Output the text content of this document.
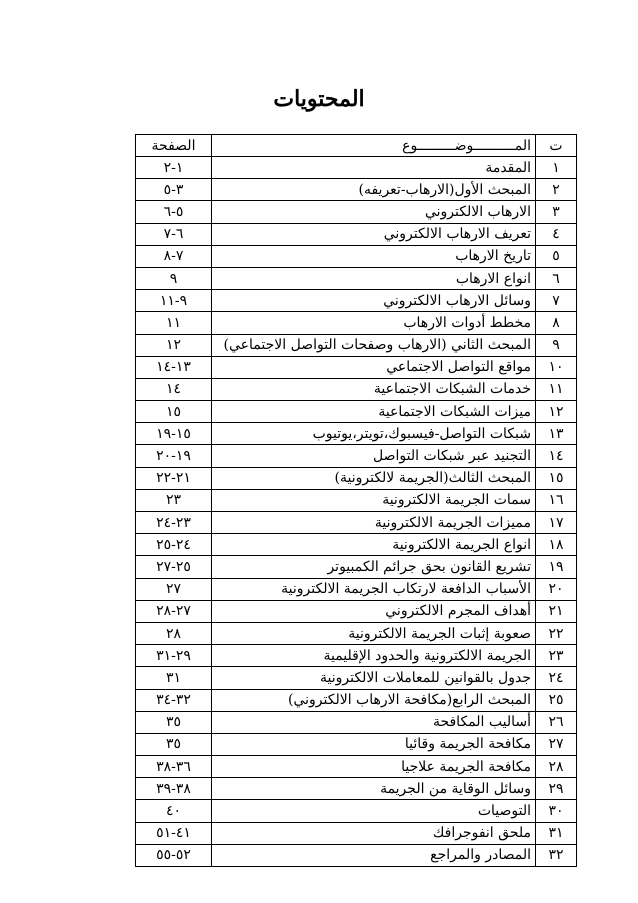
المحتويات
ت	المــــــــــوضـــــــــوع	الصفحة
١	المقدمة	١-٢
٢	المبحث الأول(الارهاب-تعريفه)	٣-٥
٣	الارهاب الالكتروني	٥-٦
٤	تعريف الارهاب الالكتروني	٦-٧
٥	تاريخ الارهاب	٧-٨
٦	انواع الارهاب	٩
٧	وسائل الارهاب الالكتروني	٩-١١
٨	مخطط أدوات الارهاب	١١
٩	المبحث الثاني (الارهاب وصفحات التواصل الاجتماعي)	١٢
١٠	مواقع التواصل الاجتماعي	١٣-١٤
١١	خدمات الشبكات الاجتماعية	١٤
١٢	ميزات الشبكات الاجتماعية	١٥
١٣	شبكات التواصل-فيسبوك،تويتر،يوتيوب	١٥-١٩
١٤	التجنيد عبر شبكات التواصل	١٩-٢٠
١٥	المبحث الثالث(الجريمة لالكترونية)	٢١-٢٢
١٦	سمات الجريمة الالكترونية	٢٣
١٧	مميزات الجريمة الالكترونية	٢٣-٢٤
١٨	انواع الجريمة الالكترونية	٢٤-٢٥
١٩	تشريع القانون بحق جرائم الكمبيوتر	٢٥-٢٧
٢٠	الأسباب الدافعة لارتكاب الجريمة الالكترونية	٢٧
٢١	أهداف المجرم الالكتروني	٢٧-٢٨
٢٢	صعوبة إثبات الجريمة الالكترونية	٢٨
٢٣	الجريمة الالكترونية والحدود الإقليمية	٢٩-٣١
٢٤	جدول بالقوانين للمعاملات الالكترونية	٣١
٢٥	المبحث الرابع(مكافحة الارهاب الالكتروني)	٣٢-٣٤
٢٦	أساليب المكافحة	٣٥
٢٧	مكافحة الجريمة وقائيا	٣٥
٢٨	مكافحة الجريمة علاجيا	٣٦-٣٨
٢٩	وسائل الوقاية من الجريمة	٣٨-٣٩
٣٠	التوصيات	٤٠
٣١	ملحق انفوجرافك	٤١-٥١
٣٢	المصادر والمراجع	٥٢-٥٥
